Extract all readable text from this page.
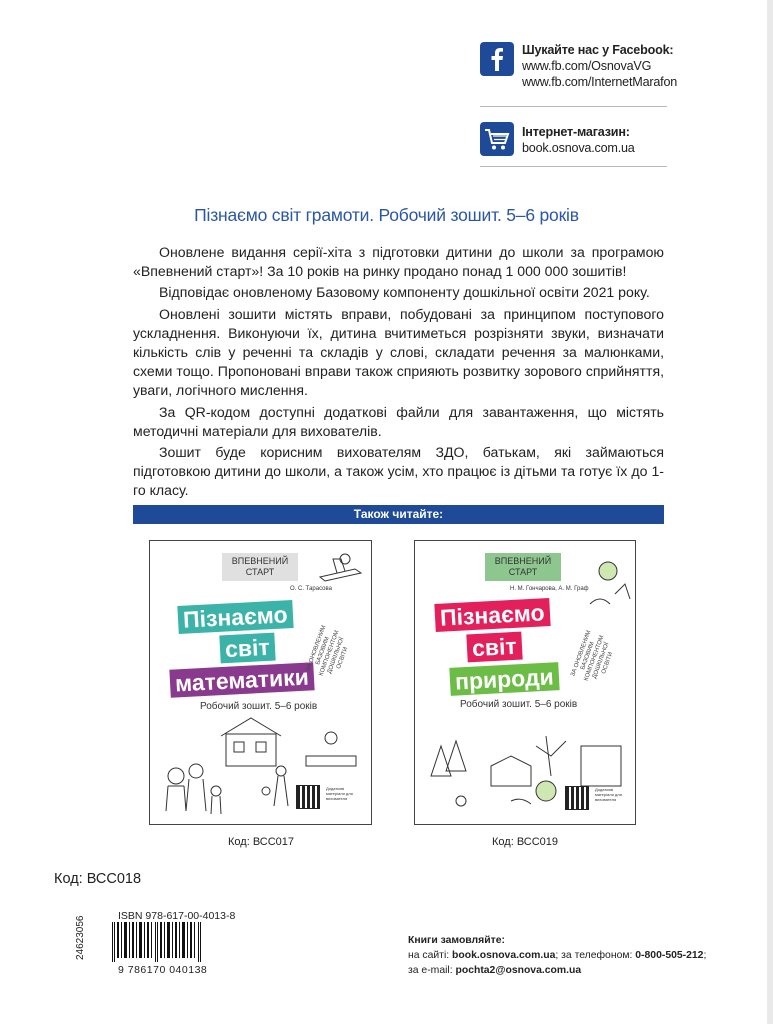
Шукайте нас у Facebook:
www.fb.com/OsnovaVG
www.fb.com/InternetMarafon
Інтернет-магазин:
book.osnova.com.ua
Пізнаємо світ грамоти. Робочий зошит. 5–6 років

Оновлене видання серії-хіта з підготовки дитини до школи за програмою «Впевнений старт»! За 10 років на ринку продано понад 1 000 000 зошитів!

Відповідає оновленому Базовому компоненту дошкільної освіти 2021 року.

Оновлені зошити містять вправи, побудовані за принципом поступового ускладнення. Виконуючи їх, дитина вчитиметься розрізняти звуки, визначати кількість слів у реченні та складів у слові, складати речення за малюнками, схеми тощо. Пропоновані вправи також сприяють розвитку зорового сприйняття, уваги, логічного мислення.

За QR-кодом доступні додаткові файли для завантаження, що містять методичні матеріали для вихователів.

Зошит буде корисним вихователям ЗДО, батькам, які займаються підготовкою дитини до школи, а також усім, хто працює із дітьми та готує їх до 1-го класу.

Також читайте:
ВПЕВНЕНИЙ СТАРТ
О. С. Тарасова
Пізнаємо
світ
математики
ЗА ОНОВЛЕНИМ БАЗОВИМ КОМПОНЕНТОМ ДОШКІЛЬНОЇ ОСВІТИ
Робочий зошит. 5–6 років
Додаткові матеріали для вихователя
Код: ВСС017
ВПЕВНЕНИЙ СТАРТ
Н. М. Гончарова, А. М. Граф
Пізнаємо
світ
природи
ЗА ОНОВЛЕНИМ БАЗОВИМ КОМПОНЕНТОМ ДОШКІЛЬНОЇ ОСВІТИ
Робочий зошит. 5–6 років
Додаткові матеріали для вихователя
Код: ВСС019
Код: ВСС018
ISBN 978-617-00-4013-8
9 786170 040138
24623056	Книги замовляйте:
на сайті: book.osnova.com.ua; за телефоном: 0-800-505-212;
за e-mail: pochta2@osnova.com.ua
